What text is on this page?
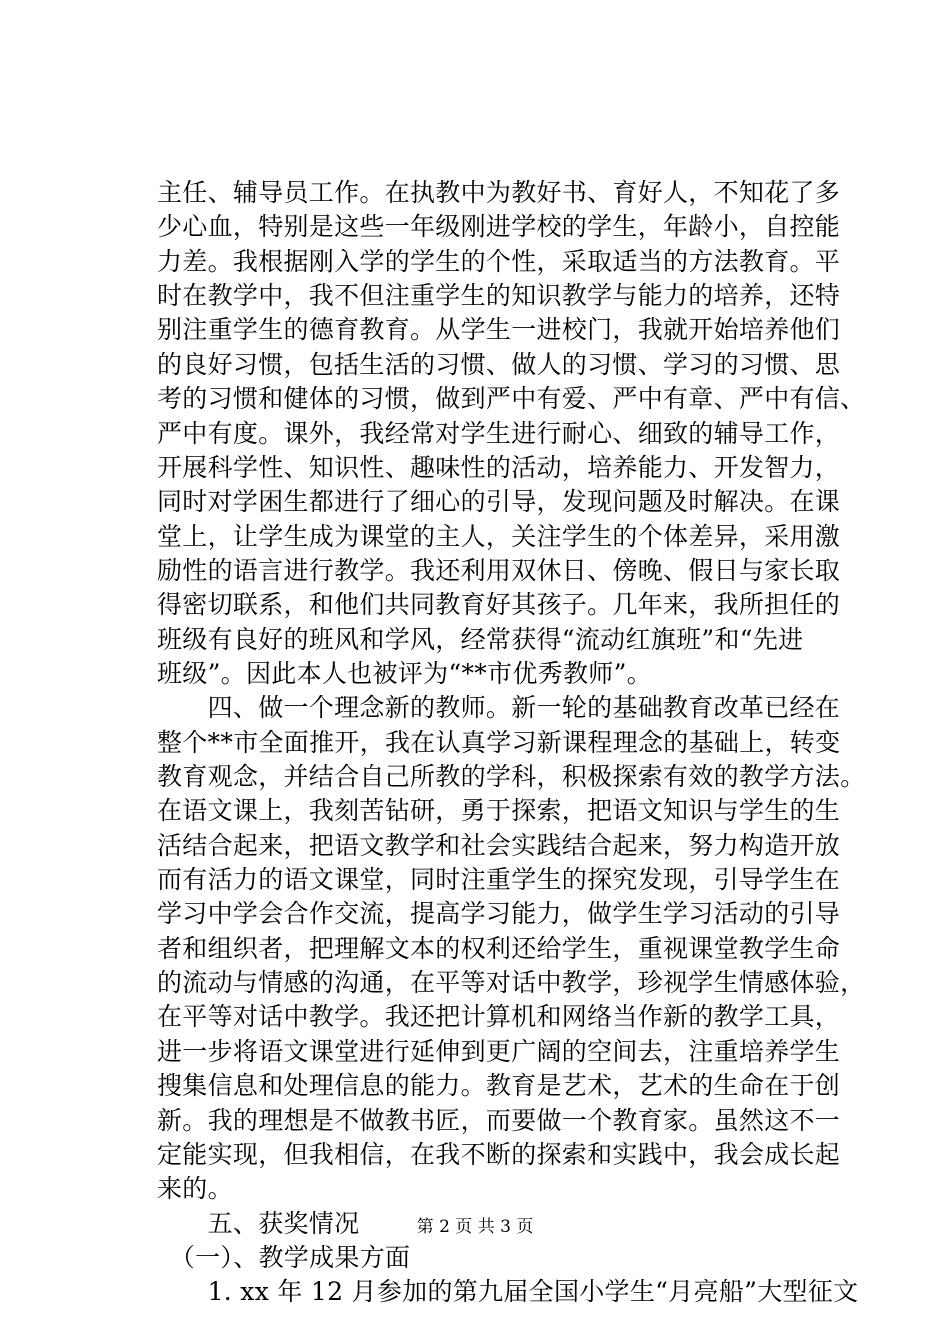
主任、辅导员工作。在执教中为教好书、育好人，不知花了多
少心血，特别是这些一年级刚进学校的学生，年龄小，自控能
力差。我根据刚入学的学生的个性，采取适当的方法教育。平
时在教学中，我不但注重学生的知识教学与能力的培养，还特
别注重学生的德育教育。从学生一进校门，我就开始培养他们
的良好习惯，包括生活的习惯、做人的习惯、学习的习惯、思
考的习惯和健体的习惯，做到严中有爱、严中有章、严中有信、
严中有度。课外，我经常对学生进行耐心、细致的辅导工作，
开展科学性、知识性、趣味性的活动，培养能力、开发智力，
同时对学困生都进行了细心的引导，发现问题及时解决。在课
堂上，让学生成为课堂的主人，关注学生的个体差异，采用激
励性的语言进行教学。我还利用双休日、傍晚、假日与家长取
得密切联系，和他们共同教育好其孩子。几年来，我所担任的
班级有良好的班风和学风，经常获得“流动红旗班”和“先进
班级”。因此本人也被评为“**市优秀教师”。
　　四、做一个理念新的教师。新一轮的基础教育改革已经在
整个**市全面推开，我在认真学习新课程理念的基础上，转变
教育观念，并结合自己所教的学科，积极探索有效的教学方法。
在语文课上，我刻苦钻研，勇于探索，把语文知识与学生的生
活结合起来，把语文教学和社会实践结合起来，努力构造开放
而有活力的语文课堂，同时注重学生的探究发现，引导学生在
学习中学会合作交流，提高学习能力，做学生学习活动的引导
者和组织者，把理解文本的权利还给学生，重视课堂教学生命
的流动与情感的沟通，在平等对话中教学，珍视学生情感体验，
在平等对话中教学。我还把计算机和网络当作新的教学工具，
进一步将语文课堂进行延伸到更广阔的空间去，注重培养学生
搜集信息和处理信息的能力。教育是艺术，艺术的生命在于创
新。我的理想是不做教书匠，而要做一个教育家。虽然这不一
定能实现，但我相信，在我不断的探索和实践中，我会成长起
来的。
　　五、获奖情况
　（一）、教学成果方面
　　1. xx 年 12 月参加的第九届全国小学生“月亮船”大型征文
第 2 页 共 3 页
